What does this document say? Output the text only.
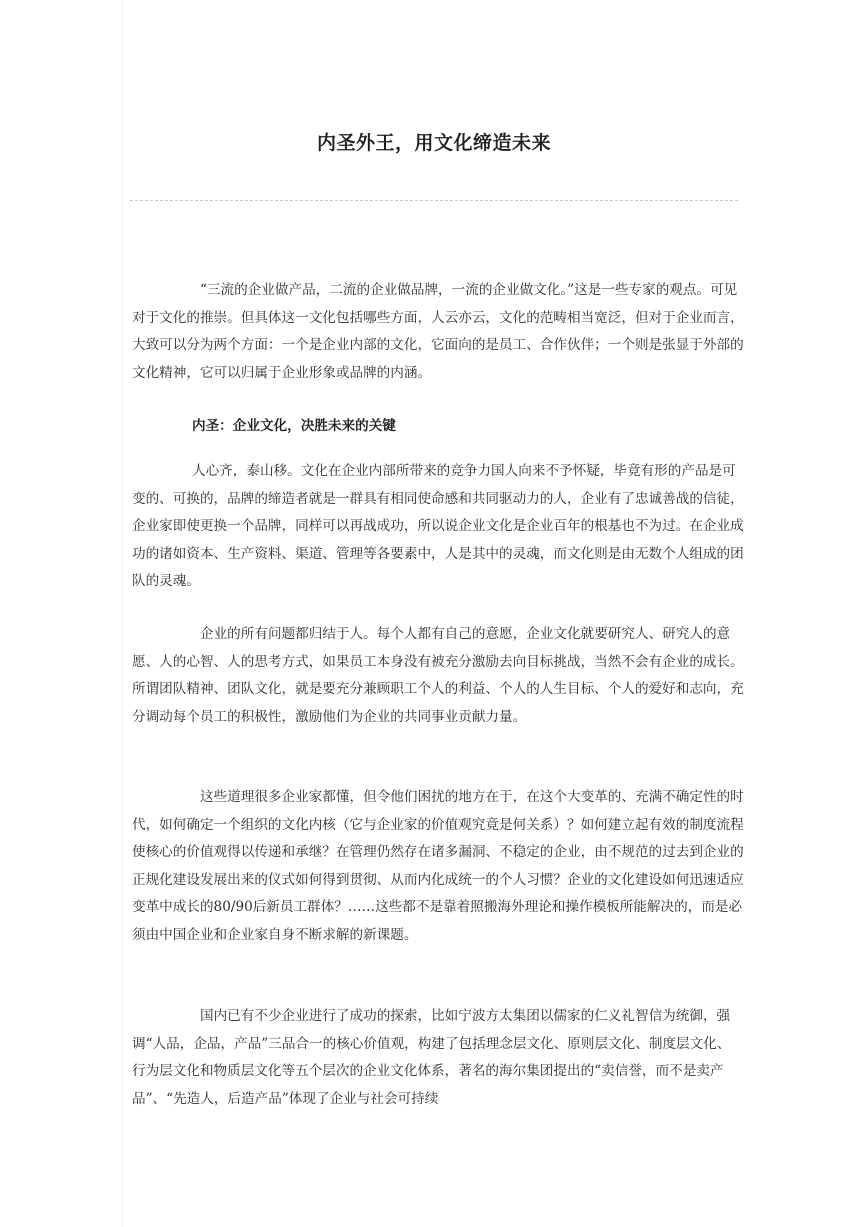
内圣外王，用文化缔造未来

“三流的企业做产品，二流的企业做品牌，一流的企业做文化。”这是一些专家的观点。可见对于文化的推崇。但具体这一文化包括哪些方面，人云亦云，文化的范畴相当宽泛，但对于企业而言，大致可以分为两个方面：一个是企业内部的文化，它面向的是员工、合作伙伴；一个则是张显于外部的文化精神，它可以归属于企业形象或品牌的内涵。

内圣：企业文化，决胜未来的关键

人心齐，泰山移。文化在企业内部所带来的竞争力国人向来不予怀疑，毕竟有形的产品是可变的、可换的，品牌的缔造者就是一群具有相同使命感和共同驱动力的人，企业有了忠诚善战的信徒，企业家即使更换一个品牌，同样可以再战成功，所以说企业文化是企业百年的根基也不为过。在企业成功的诸如资本、生产资料、渠道、管理等各要素中，人是其中的灵魂，而文化则是由无数个人组成的团队的灵魂。

企业的所有问题都归结于人。每个人都有自己的意愿，企业文化就要研究人、研究人的意愿、人的心智、人的思考方式，如果员工本身没有被充分激励去向目标挑战，当然不会有企业的成长。所谓团队精神、团队文化，就是要充分兼顾职工个人的利益、个人的人生目标、个人的爱好和志向，充分调动每个员工的积极性，激励他们为企业的共同事业贡献力量。

这些道理很多企业家都懂，但令他们困扰的地方在于，在这个大变革的、充满不确定性的时代，如何确定一个组织的文化内核（它与企业家的价值观究竟是何关系）？如何建立起有效的制度流程使核心的价值观得以传递和承继？在管理仍然存在诸多漏洞、不稳定的企业，由不规范的过去到企业的正规化建设发展出来的仪式如何得到贯彻、从而内化成统一的个人习惯？企业的文化建设如何迅速适应变革中成长的80/90后新员工群体？……这些都不是靠着照搬海外理论和操作模板所能解决的，而是必须由中国企业和企业家自身不断求解的新课题。

国内已有不少企业进行了成功的探索，比如宁波方太集团以儒家的仁义礼智信为统御，强调“人品，企品，产品”三品合一的核心价值观，构建了包括理念层文化、原则层文化、制度层文化、行为层文化和物质层文化等五个层次的企业文化体系，著名的海尔集团提出的“卖信誉，而不是卖产品”、“先造人，后造产品”体现了企业与社会可持续
